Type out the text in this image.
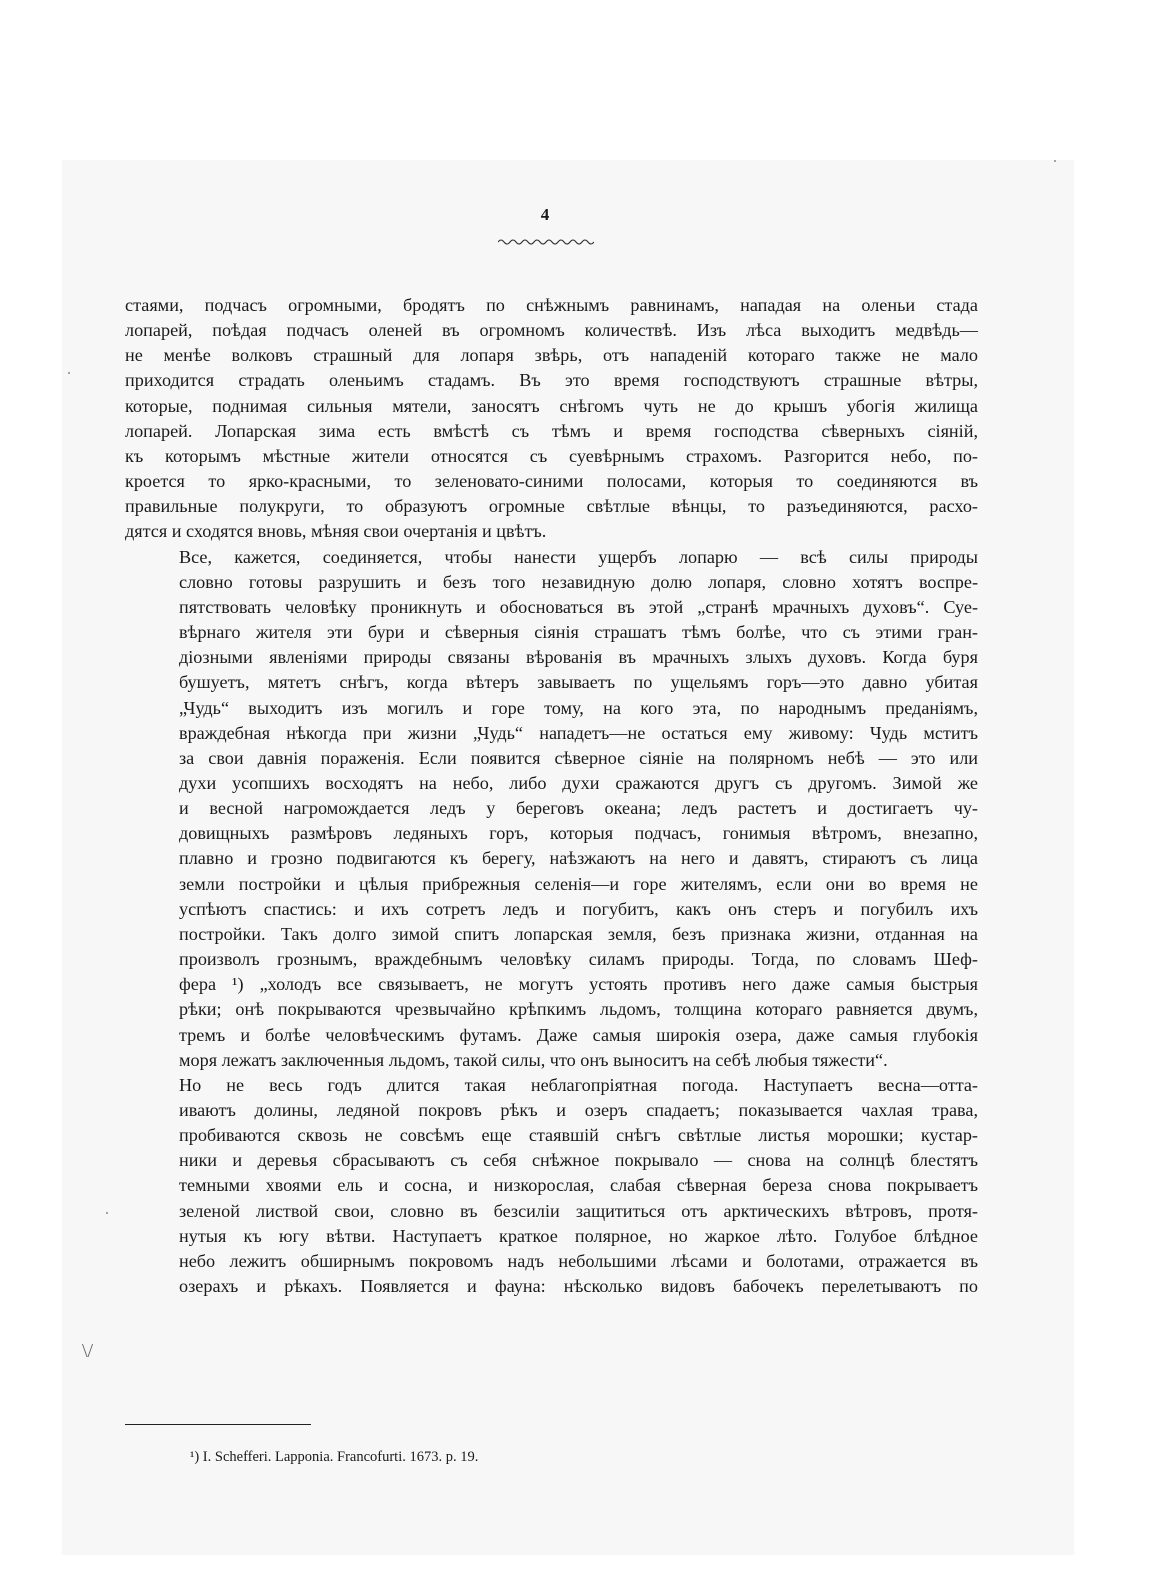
4

стаями, подчасъ огромными, бродятъ по снѣжнымъ равнинамъ, нападая на оленьи стада
лопарей, поѣдая подчасъ оленей въ огромномъ количествѣ. Изъ лѣса выходитъ медвѣдь—
не менѣе волковъ страшный для лопаря звѣрь, отъ нападеній котораго также не мало
приходится страдать оленьимъ стадамъ. Въ это время господствуютъ страшные вѣтры,
которые, поднимая сильныя мятели, заносятъ снѣгомъ чуть не до крышъ убогія жилища
лопарей. Лопарская зима есть вмѣстѣ съ тѣмъ и время господства сѣверныхъ сіяній,
къ которымъ мѣстные жители относятся съ суевѣрнымъ страхомъ. Разгорится небо, по-
кроется то ярко-красными, то зеленовато-синими полосами, которыя то соединяются въ
правильные полукруги, то образуютъ огромные свѣтлые вѣнцы, то разъединяются, расхо-
дятся и сходятся вновь, мѣняя свои очертанія и цвѣтъ.

Все, кажется, соединяется, чтобы нанести ущербъ лопарю — всѣ силы природы
словно готовы разрушить и безъ того незавидную долю лопаря, словно хотятъ воспре-
пятствовать человѣку проникнуть и обосноваться въ этой „странѣ мрачныхъ духовъ“. Суе-
вѣрнаго жителя эти бури и сѣверныя сіянія страшатъ тѣмъ болѣе, что съ этими гран-
діозными явленіями природы связаны вѣрованія въ мрачныхъ злыхъ духовъ. Когда буря
бушуетъ, мятетъ снѣгъ, когда вѣтеръ завываетъ по ущельямъ горъ—это давно убитая
„Чудь“ выходитъ изъ могилъ и горе тому, на кого эта, по народнымъ преданіямъ,
враждебная нѣкогда при жизни „Чудь“ нападетъ—не остаться ему живому: Чудь мститъ
за свои давнія пораженія. Если появится сѣверное сіяніе на полярномъ небѣ — это или
духи усопшихъ восходятъ на небо, либо духи сражаются другъ съ другомъ. Зимой же
и весной нагромождается ледъ у береговъ океана; ледъ растетъ и достигаетъ чу-
довищныхъ размѣровъ ледяныхъ горъ, которыя подчасъ, гонимыя вѣтромъ, внезапно,
плавно и грозно подвигаются къ берегу, наѣзжаютъ на него и давятъ, стираютъ съ лица
земли постройки и цѣлыя прибрежныя селенія—и горе жителямъ, если они во время не
успѣютъ спастись: и ихъ сотретъ ледъ и погубитъ, какъ онъ стеръ и погубилъ ихъ
постройки. Такъ долго зимой спитъ лопарская земля, безъ признака жизни, отданная на
произволъ грознымъ, враждебнымъ человѣку силамъ природы. Тогда, по словамъ Шеф-
фера ¹) „холодъ все связываетъ, не могутъ устоять противъ него даже самыя быстрыя
рѣки; онѣ покрываются чрезвычайно крѣпкимъ льдомъ, толщина котораго равняется двумъ,
тремъ и болѣе человѣческимъ футамъ. Даже самыя широкія озера, даже самыя глубокія
моря лежатъ заключенныя льдомъ, такой силы, что онъ выноситъ на себѣ любыя тяжести“.

Но не весь годъ длится такая неблагопріятная погода. Наступаетъ весна—отта-
иваютъ долины, ледяной покровъ рѣкъ и озеръ спадаетъ; показывается чахлая трава,
пробиваются сквозь не совсѣмъ еще стаявшій снѣгъ свѣтлые листья морошки; кустар-
ники и деревья сбрасываютъ съ себя снѣжное покрывало — снова на солнцѣ блестятъ
темными хвоями ель и сосна, и низкорослая, слабая сѣверная береза снова покрываетъ
зеленой листвой свои, словно въ безсиліи защититься отъ арктическихъ вѣтровъ, протя-
нутыя къ югу вѣтви. Наступаетъ краткое полярное, но жаркое лѣто. Голубое блѣдное
небо лежитъ обширнымъ покровомъ надъ небольшими лѣсами и болотами, отражается въ
озерахъ и рѣкахъ. Появляется и фауна: нѣсколько видовъ бабочекъ перелетываютъ по

¹) I. Schefferi. Lapponia. Francofurti. 1673. p. 19.
\/
